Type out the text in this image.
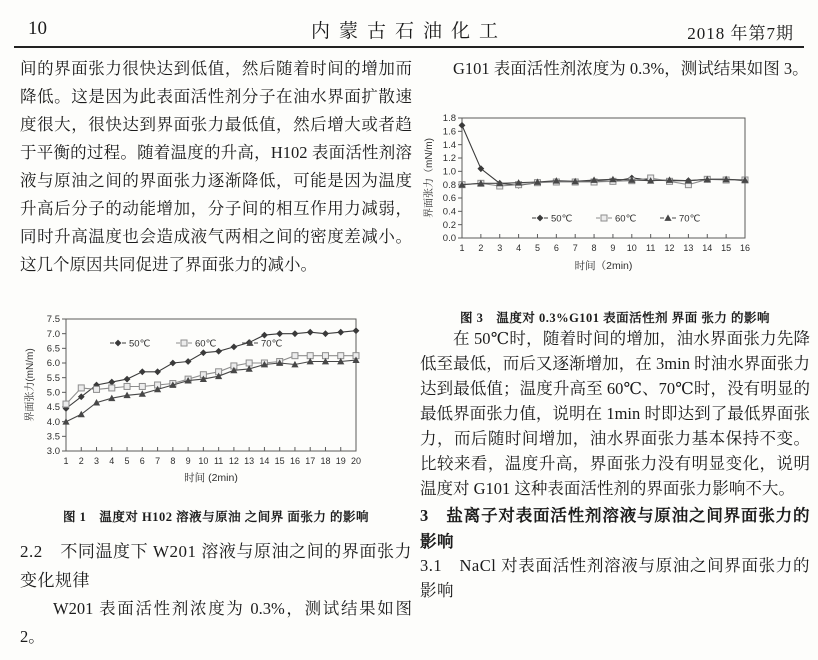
10	内蒙古石油化工	2018 年第7期

间的界面张力很快达到低值，然后随着时间的增加而降低。这是因为此表面活性剂分子在油水界面扩散速度很大，很快达到界面张力最低值，然后增大或者趋于平衡的过程。随着温度的升高，H102 表面活性剂溶液与原油之间的界面张力逐渐降低，可能是因为温度升高后分子的动能增加，分子间的相互作用力减弱，同时升高温度也会造成液气两相之间的密度差减小。这几个原因共同促进了界面张力的减小。

3.0
3.5
4.0
4.5
5.0
5.5
6.0
6.5
7.0
7.5
1 2 3 4 5 6 7 8 9 10 11 12 13 14 15 16 17 18 19 20
时间 (2min)
界面张力(mN/m)
50℃	60℃	70℃
图 1　温度对 H102 溶液与原油 之间界 面张力 的影响
2.2　不同温度下 W201 溶液与原油之间的界面张力变化规律

W201 表面活性剂浓度为 0.3%，测试结果如图 2。

G101 表面活性剂浓度为 0.3%，测试结果如图 3。

0.0
0.2
0.4
0.6
0.8
1.0
1.2
1.4
1.6
1.8
1 2 3 4 5 6 7 8 9 10 11 12 13 14 15 16
时间（2min)
界面张力（mN/m)
50℃	60℃	70℃
图 3　温度对 0.3%G101 表面活性剂 界面 张力 的影响

在 50℃时，随着时间的增加，油水界面张力先降低至最低，而后又逐渐增加，在 3min 时油水界面张力达到最低值；温度升高至 60℃、70℃时，没有明显的最低界面张力值，说明在 1min 时即达到了最低界面张力，而后随时间增加，油水界面张力基本保持不变。比较来看，温度升高，界面张力没有明显变化，说明温度对 G101 这种表面活性剂的界面张力影响不大。

3　盐离子对表面活性剂溶液与原油之间界面张力的影响
3.1　NaCl 对表面活性剂溶液与原油之间界面张力的影响
